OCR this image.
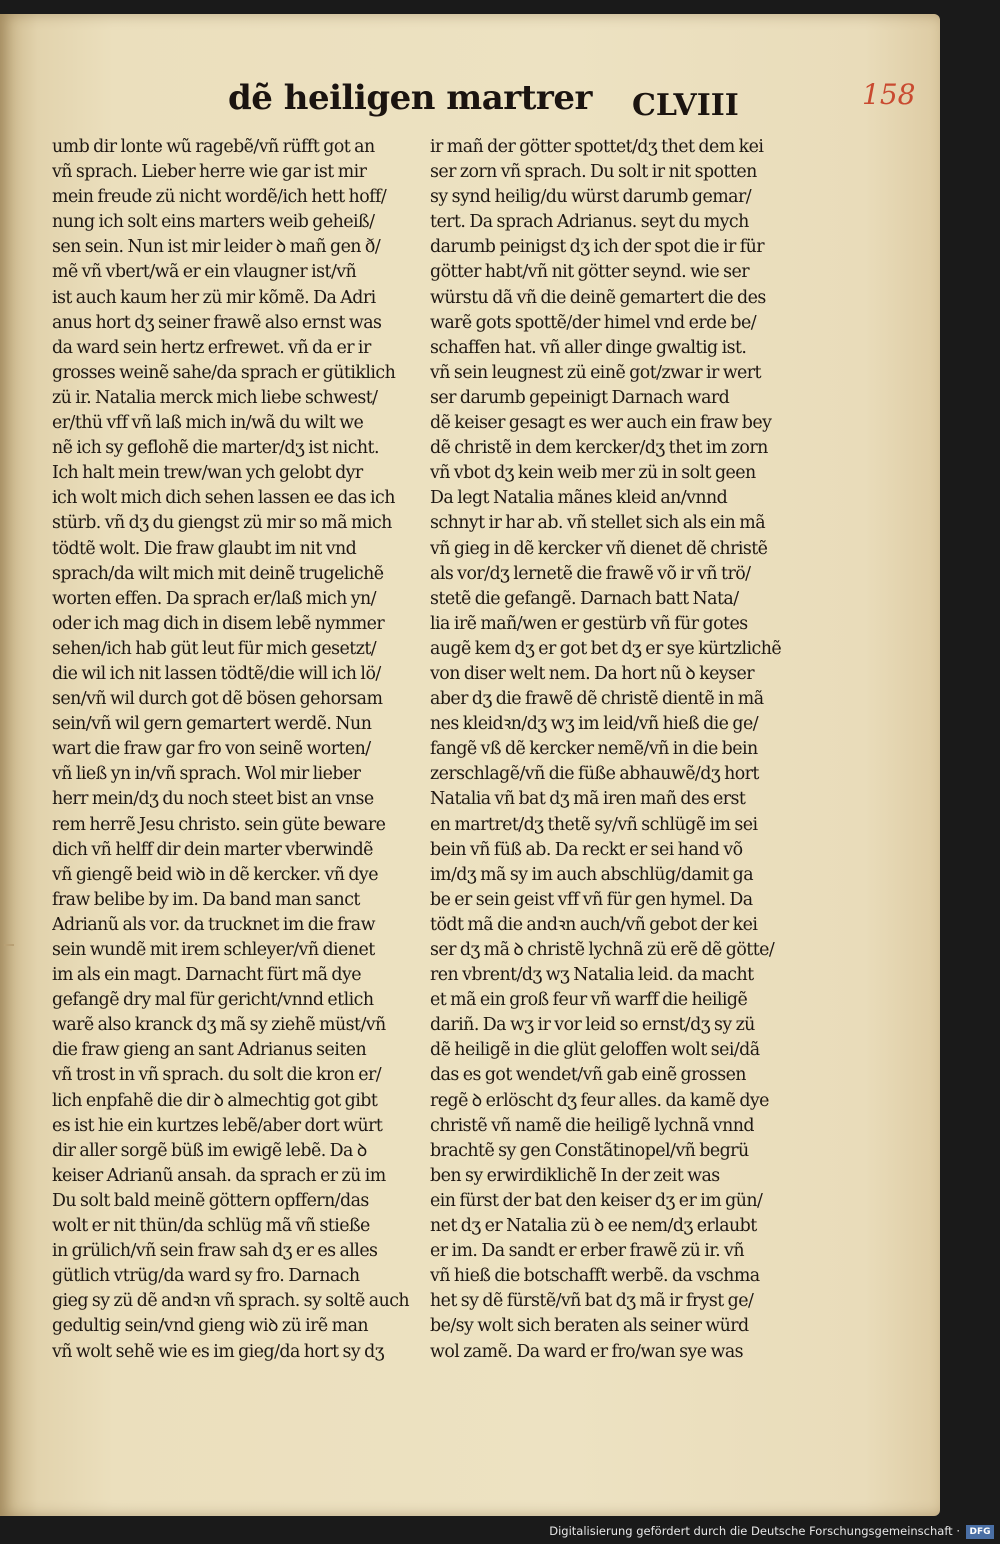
dẽ heiligen martrer CLVIII	158
umb dir lonte wũ ragebẽ/vñ rüfft got an
vñ sprach. Lieber herre wie gar ist mir
mein freude zü nicht wordẽ/ich hett hoff/
nung ich solt eins marters weib geheiß/
sen sein. Nun ist mir leider ꝺ mañ gen ð/
mẽ vñ vbert/wã er ein vlaugner ist/vñ
ist auch kaum her zü mir kõmẽ. Da Adri
anus hort dʒ seiner frawẽ also ernst was
da ward sein hertz erfrewet. vñ da er ir
grosses weinẽ sahe/da sprach er gütiklich
zü ir. Natalia merck mich liebe schwest/
er/thü vff vñ laß mich in/wã du wilt we
nẽ ich sy geflohẽ die marter/dʒ ist nicht.
Ich halt mein trew/wan ych gelobt dyr
ich wolt mich dich sehen lassen ee das ich
stürb. vñ dʒ du giengst zü mir so mã mich
tödtẽ wolt. Die fraw glaubt im nit vnd
sprach/da wilt mich mit deinẽ trugelichẽ
worten effen. Da sprach er/laß mich yn/
oder ich mag dich in disem lebẽ nymmer
sehen/ich hab güt leut für mich gesetzt/
die wil ich nit lassen tödtẽ/die will ich lö/
sen/vñ wil durch got dẽ bösen gehorsam
sein/vñ wil gern gemartert werdẽ. Nun
wart die fraw gar fro von seinẽ worten/
vñ ließ yn in/vñ sprach. Wol mir lieber
herr mein/dʒ du noch steet bist an vnse
rem herrẽ Jesu christo. sein güte beware
dich vñ helff dir dein marter vberwindẽ
vñ giengẽ beid wiꝺ in dẽ kercker. vñ dye
fraw belibe by im. Da band man sanct
Adrianũ als vor. da trucknet im die fraw
sein wundẽ mit irem schleyer/vñ dienet
im als ein magt. Darnacht fürt mã dye
gefangẽ dry mal für gericht/vnnd etlich
warẽ also kranck dʒ mã sy ziehẽ müst/vñ
die fraw gieng an sant Adrianus seiten
vñ trost in vñ sprach. du solt die kron er/
lich enpfahẽ die dir ꝺ almechtig got gibt
es ist hie ein kurtzes lebẽ/aber dort würt
dir aller sorgẽ büß im ewigẽ lebẽ. Da ꝺ
keiser Adrianũ ansah. da sprach er zü im
Du solt bald meinẽ göttern opffern/das
wolt er nit thün/da schlüg mã vñ stieße
in grülich/vñ sein fraw sah dʒ er es alles
gütlich vtrüg/da ward sy fro. Darnach
gieg sy zü dẽ andꝛn vñ sprach. sy soltẽ auch
gedultig sein/vnd gieng wiꝺ zü irẽ man
vñ wolt sehẽ wie es im gieg/da hort sy dʒ
ir mañ der götter spottet/dʒ thet dem kei
ser zorn vñ sprach. Du solt ir nit spotten
sy synd heilig/du würst darumb gemar/
tert. Da sprach Adrianus. seyt du mych
darumb peinigst dʒ ich der spot die ir für
götter habt/vñ nit götter seynd. wie ser
würstu dã vñ die deinẽ gemartert die des
warẽ gots spottẽ/der himel vnd erde be/
schaffen hat. vñ aller dinge gwaltig ist.
vñ sein leugnest zü einẽ got/zwar ir wert
ser darumb gepeinigt Darnach ward
dẽ keiser gesagt es wer auch ein fraw bey
dẽ christẽ in dem kercker/dʒ thet im zorn
vñ vbot dʒ kein weib mer zü in solt geen
Da legt Natalia mãnes kleid an/vnnd
schnyt ir har ab. vñ stellet sich als ein mã
vñ gieg in dẽ kercker vñ dienet dẽ christẽ
als vor/dʒ lernetẽ die frawẽ võ ir vñ trö/
stetẽ die gefangẽ. Darnach batt Nata/
lia irẽ mañ/wen er gestürb vñ für gotes
augẽ kem dʒ er got bet dʒ er sye kürtzlichẽ
von diser welt nem. Da hort nũ ꝺ keyser
aber dʒ die frawẽ dẽ christẽ dientẽ in mã
nes kleidꝛn/dʒ wʒ im leid/vñ hieß die ge/
fangẽ vß dẽ kercker nemẽ/vñ in die bein
zerschlagẽ/vñ die füße abhauwẽ/dʒ hort
Natalia vñ bat dʒ mã iren mañ des erst
en martret/dʒ thetẽ sy/vñ schlügẽ im sei
bein vñ füß ab. Da reckt er sei hand võ
im/dʒ mã sy im auch abschlüg/damit ga
be er sein geist vff vñ für gen hymel. Da
tödt mã die andꝛn auch/vñ gebot der kei
ser dʒ mã ꝺ christẽ lychnã zü erẽ dẽ götte/
ren vbrent/dʒ wʒ Natalia leid. da macht
et mã ein groß feur vñ warff die heiligẽ
dariñ. Da wʒ ir vor leid so ernst/dʒ sy zü
dẽ heiligẽ in die glüt geloffen wolt sei/dã
das es got wendet/vñ gab einẽ grossen
regẽ ꝺ erlöscht dʒ feur alles. da kamẽ dye
christẽ vñ namẽ die heiligẽ lychnã vnnd
brachtẽ sy gen Constãtinopel/vñ begrü
ben sy erwirdiklichẽ In der zeit was
ein fürst der bat den keiser dʒ er im gün/
net dʒ er Natalia zü ꝺ ee nem/dʒ erlaubt
er im. Da sandt er erber frawẽ zü ir. vñ
vñ hieß die botschafft werbẽ. da vschma
het sy dẽ fürstẽ/vñ bat dʒ mã ir fryst ge/
be/sy wolt sich beraten als seiner würd
wol zamẽ. Da ward er fro/wan sye was
Digitalisierung gefördert durch die Deutsche Forschungsgemeinschaft ·	DFG
